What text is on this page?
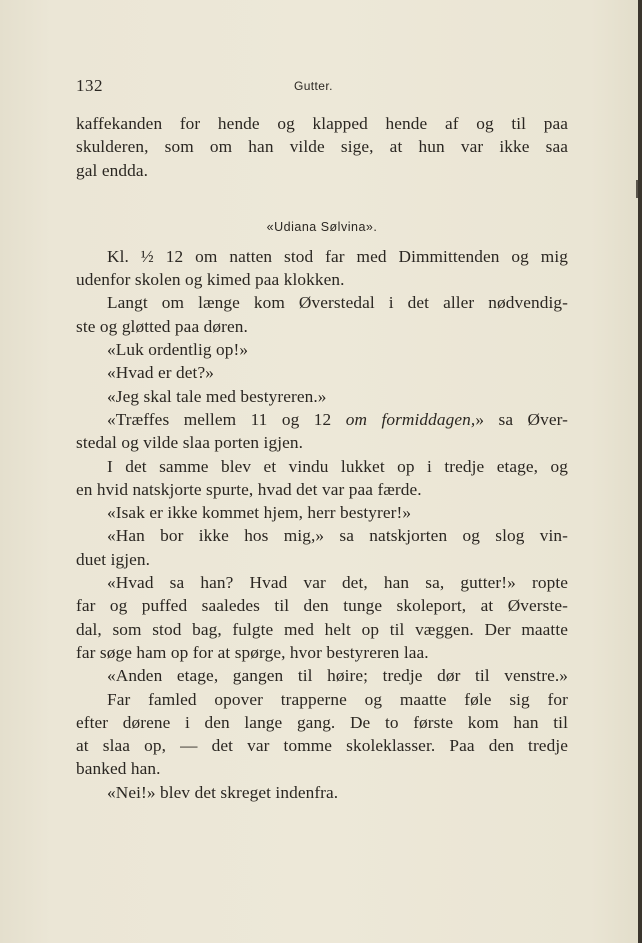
132	Gutter.
kaffekanden for hende og klapped hende af og til paa
skulderen, som om han vilde sige, at hun var ikke saa
gal endda.
«Udiana Sølvina».
Kl. ½ 12 om natten stod far med Dimmittenden og mig
udenfor skolen og kimed paa klokken.
Langt om længe kom Øverstedal i det aller nødvendig-
ste og gløtted paa døren.
«Luk ordentlig op!»
«Hvad er det?»
«Jeg skal tale med bestyreren.»
«Træffes mellem 11 og 12 om formiddagen,» sa Øver-
stedal og vilde slaa porten igjen.
I det samme blev et vindu lukket op i tredje etage, og
en hvid natskjorte spurte, hvad det var paa færde.
«Isak er ikke kommet hjem, herr bestyrer!»
«Han bor ikke hos mig,» sa natskjorten og slog vin-
duet igjen.
«Hvad sa han? Hvad var det, han sa, gutter!» ropte
far og puffed saaledes til den tunge skoleport, at Øverste-
dal, som stod bag, fulgte med helt op til væggen. Der maatte
far søge ham op for at spørge, hvor bestyreren laa.
«Anden etage, gangen til høire; tredje dør til venstre.»
Far famled opover trapperne og maatte føle sig for
efter dørene i den lange gang. De to første kom han til
at slaa op, — det var tomme skoleklasser. Paa den tredje
banked han.
«Nei!» blev det skreget indenfra.
